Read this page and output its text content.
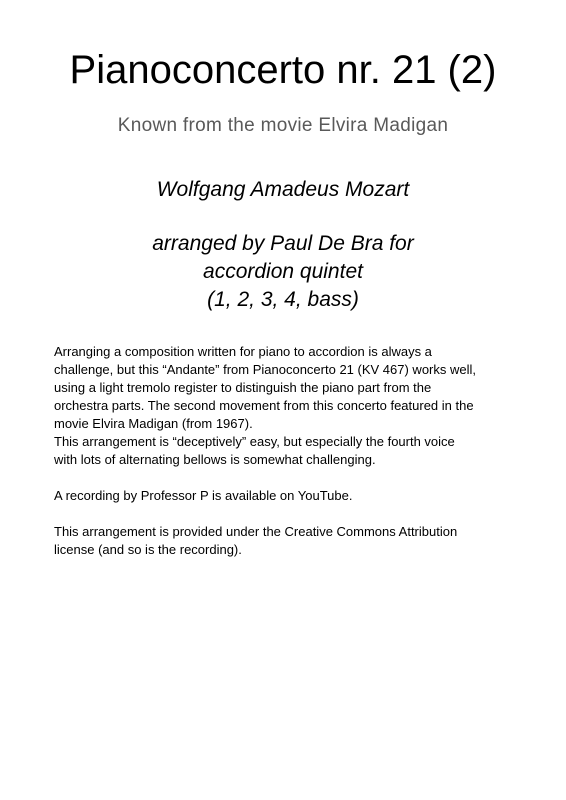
Pianoconcerto nr. 21 (2)
Known from the movie Elvira Madigan
Wolfgang Amadeus Mozart
arranged by Paul De Bra for
accordion quintet
(1, 2, 3, 4, bass)
Arranging a composition written for piano to accordion is always a
challenge, but this “Andante” from Pianoconcerto 21 (KV 467) works well,
using a light tremolo register to distinguish the piano part from the
orchestra parts. The second movement from this concerto featured in the
movie Elvira Madigan (from 1967).
This arrangement is “deceptively” easy, but especially the fourth voice
with lots of alternating bellows is somewhat challenging.
A recording by Professor P is available on YouTube.
This arrangement is provided under the Creative Commons Attribution
license (and so is the recording).
